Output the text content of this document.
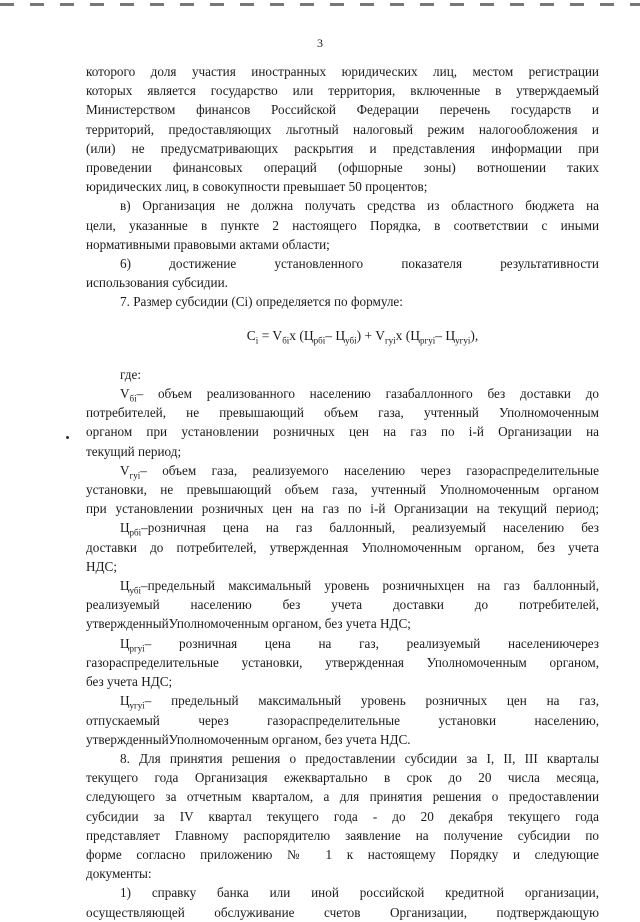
3
которого доля участия иностранных юридических лиц, местом регистрации
которых является государство или территория, включенные в утверждаемый
Министерством финансов Российской Федерации перечень государств и
территорий, предоставляющих льготный налоговый режим налогообложения и
(или) не предусматривающих раскрытия и представления информации при
проведении финансовых операций (офшорные зоны) вотношении таких
юридических лиц, в совокупности превышает 50 процентов;
в) Организация не должна получать средства из областного бюджета на
цели, указанные в пункте 2 настоящего Порядка, в соответствии с иными
нормативными правовыми актами области;
6) достижение установленного показателя результативности
использования субсидии.
7. Размер субсидии (Ci) определяется по формуле:
$C_i = V_{бi}x$ ($Ц_{рбi}-$ $Ц_{убi}) + V_{гуi}x$ ($Ц_{ргуi}-$ $Ц_{угуi}$),
где:
$V_{бi}-$ объем реализованного населению газабаллонного без доставки до
потребителей, не превышающий объем газа, учтенный Уполномоченным
органом при установлении розничных цен на газ по i-й Организации на
текущий период;
$V_{гуi}-$ объем газа, реализуемого населению через газораспределительные
установки, не превышающий объем газа, учтенный Уполномоченным органом
при установлении розничных цен на газ по i-й Организации на текущий период;
$Ц_{рбi}$–розничная цена на газ баллонный, реализуемый населению без
доставки до потребителей, утвержденная Уполномоченным органом, без учета
НДС;
$Ц_{убi}$–предельный максимальный уровень розничныхцен на газ баллонный,
реализуемый населению без учета доставки до потребителей,
утвержденныйУполномоченным органом, без учета НДС;
$Ц_{ргуi}-$ розничная цена на газ, реализуемый населениючерез
газораспределительные установки, утвержденная Уполномоченным органом,
без учета НДС;
$Ц_{угуi}-$ предельный максимальный уровень розничных цен на газ,
отпускаемый через газораспределительные установки населению,
утвержденныйУполномоченным органом, без учета НДС.
8. Для принятия решения о предоставлении субсидии за I, II, III кварталы
текущего года Организация ежеквартально в срок до 20 числа месяца,
следующего за отчетным кварталом, а для принятия решения о предоставлении
субсидии за IV квартал текущего года - до 20 декабря текущего года
представляет Главному распорядителю заявление на получение субсидии по
форме согласно приложению № 1 к настоящему Порядку и следующие
документы:
1) справку банка или иной российской кредитной организации,
осуществляющей обслуживание счетов Организации, подтверждающую
